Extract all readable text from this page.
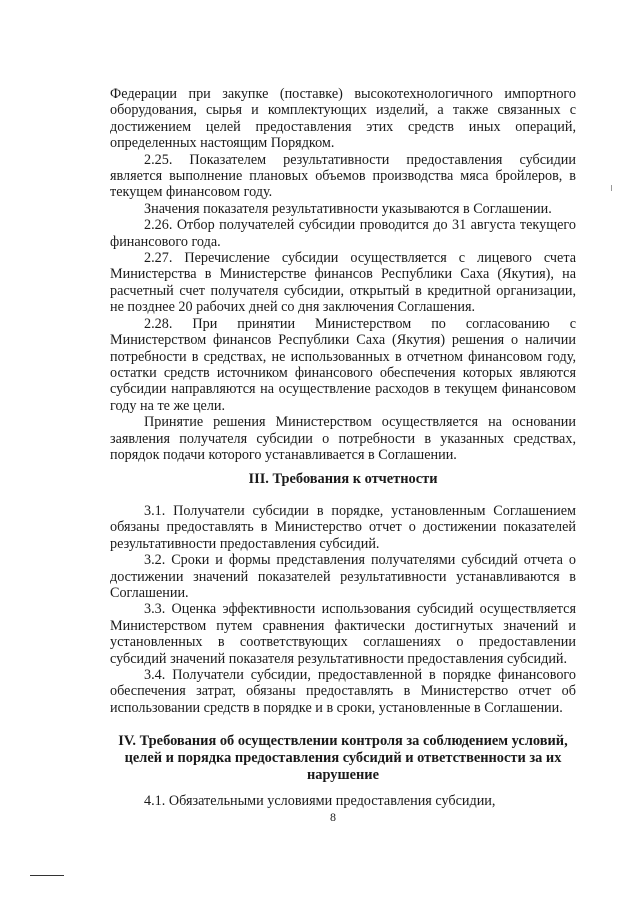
Федерации при закупке (поставке) высокотехнологичного импортного оборудования, сырья и комплектующих изделий, а также связанных с достижением целей предоставления этих средств иных операций, определенных настоящим Порядком.

2.25. Показателем результативности предоставления субсидии является выполнение плановых объемов производства мяса бройлеров, в текущем финансовом году.

Значения показателя результативности указываются в Соглашении.

2.26. Отбор получателей субсидии проводится до 31 августа текущего финансового года.

2.27. Перечисление субсидии осуществляется с лицевого счета Министерства в Министерстве финансов Республики Саха (Якутия), на расчетный счет получателя субсидии, открытый в кредитной организации, не позднее 20 рабочих дней со дня заключения Соглашения.

2.28. При принятии Министерством по согласованию с Министерством финансов Республики Саха (Якутия) решения о наличии потребности в средствах, не использованных в отчетном финансовом году, остатки средств источником финансового обеспечения которых являются субсидии направляются на осуществление расходов в текущем финансовом году на те же цели.

Принятие решения Министерством осуществляется на основании заявления получателя субсидии о потребности в указанных средствах, порядок подачи которого устанавливается в Соглашении.

III. Требования к отчетности

3.1. Получатели субсидии в порядке, установленным Соглашением обязаны предоставлять в Министерство отчет о достижении показателей результативности предоставления субсидий.

3.2. Сроки и формы представления получателями субсидий отчета о достижении значений показателей результативности устанавливаются в Соглашении.

3.3. Оценка эффективности использования субсидий осуществляется Министерством путем сравнения фактически достигнутых значений и установленных в соответствующих соглашениях о предоставлении субсидий значений показателя результативности предоставления субсидий.

3.4. Получатели субсидии, предоставленной в порядке финансового обеспечения затрат, обязаны предоставлять в Министерство отчет об использовании средств в порядке и в сроки, установленные в Соглашении.

IV. Требования об осуществлении контроля за соблюдением условий, целей и порядка предоставления субсидий и ответственности за их нарушение

4.1. Обязательными условиями предоставления субсидии,

8
